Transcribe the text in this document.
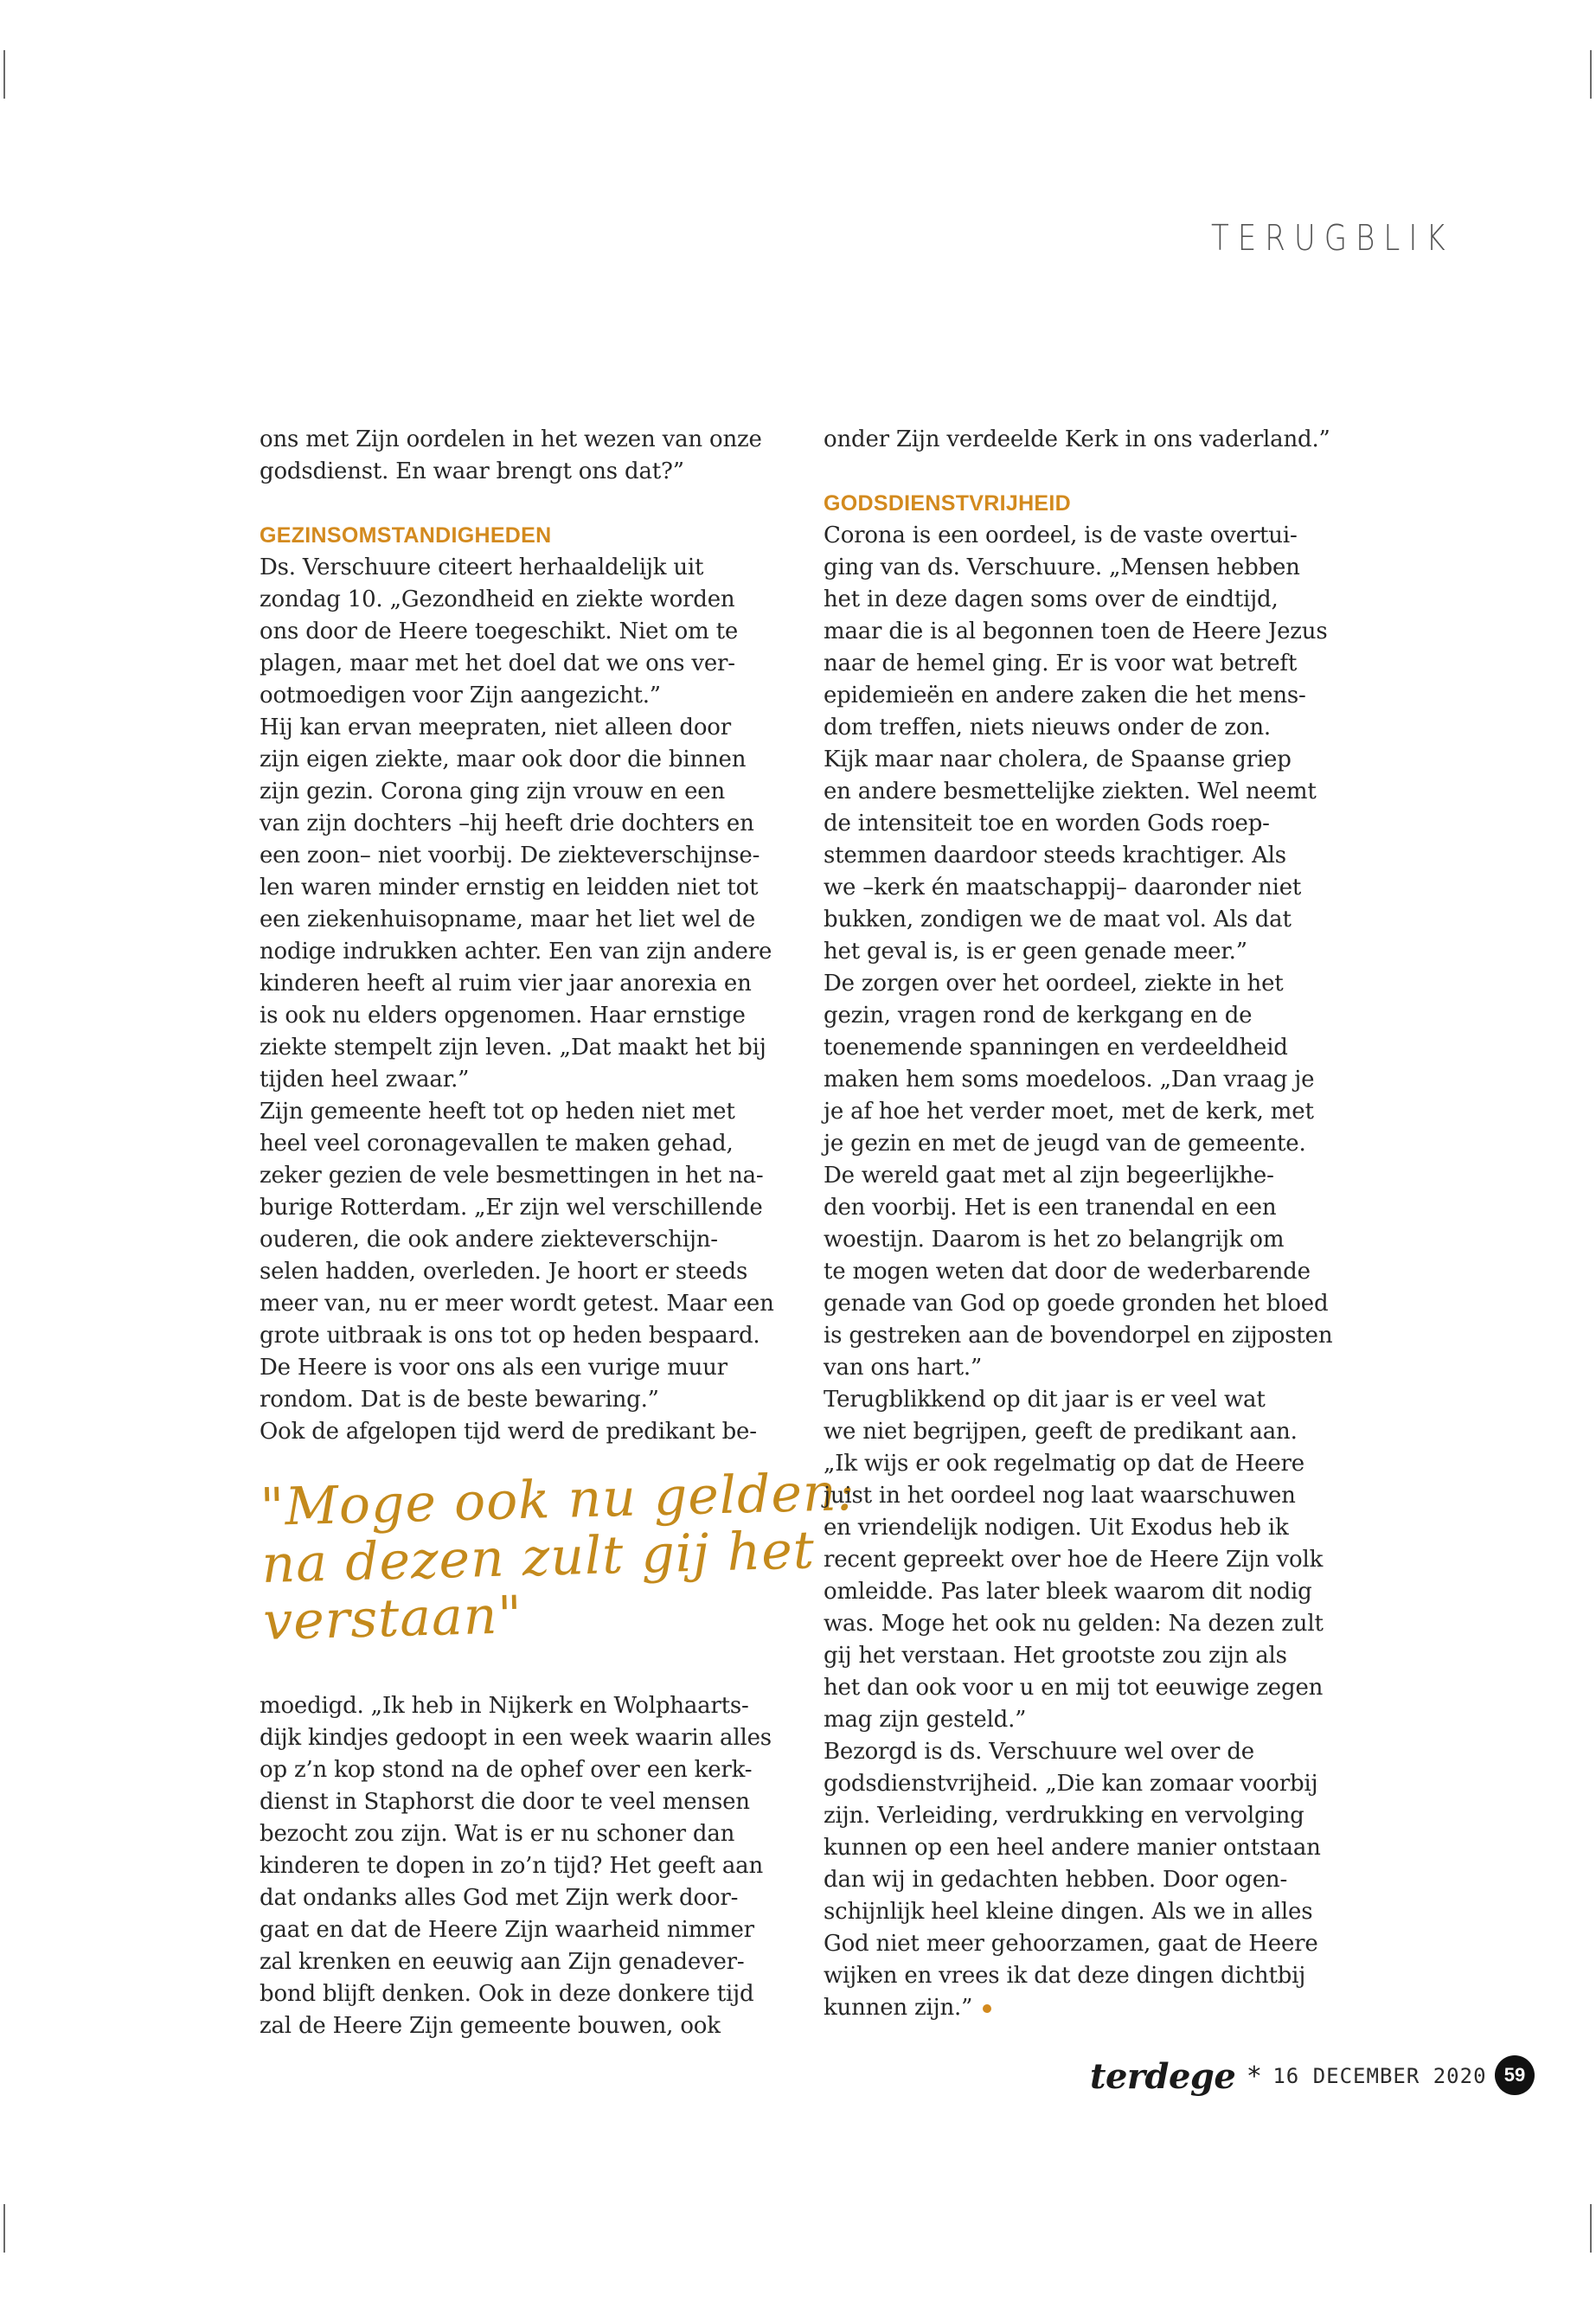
TERUGBLIK

ons met Zijn oordelen in het wezen van onze
godsdienst. En waar brengt ons dat?”

GEZINSOMSTANDIGHEDEN

Ds. Verschuure citeert herhaaldelijk uit
zondag 10. „Gezondheid en ziekte worden
ons door de Heere toegeschikt. Niet om te
plagen, maar met het doel dat we ons ver-
ootmoedigen voor Zijn aangezicht.”
Hij kan ervan meepraten, niet alleen door
zijn eigen ziekte, maar ook door die binnen
zijn gezin. Corona ging zijn vrouw en een
van zijn dochters –hij heeft drie dochters en
een zoon– niet voorbij. De ziekteverschijnse-
len waren minder ernstig en leidden niet tot
een ziekenhuisopname, maar het liet wel de
nodige indrukken achter. Een van zijn andere
kinderen heeft al ruim vier jaar anorexia en
is ook nu elders opgenomen. Haar ernstige
ziekte stempelt zijn leven. „Dat maakt het bij
tijden heel zwaar.”
Zijn gemeente heeft tot op heden niet met
heel veel coronagevallen te maken gehad,
zeker gezien de vele besmettingen in het na-
burige Rotterdam. „Er zijn wel verschillende
ouderen, die ook andere ziekteverschijn-
selen hadden, overleden. Je hoort er steeds
meer van, nu er meer wordt getest. Maar een
grote uitbraak is ons tot op heden bespaard.
De Heere is voor ons als een vurige muur
rondom. Dat is de beste bewaring.”
Ook de afgelopen tijd werd de predikant be-

"Moge ook nu gelden:
na dezen zult gij het
verstaan"

moedigd. „Ik heb in Nijkerk en Wolphaarts-
dijk kindjes gedoopt in een week waarin alles
op z’n kop stond na de ophef over een kerk-
dienst in Staphorst die door te veel mensen
bezocht zou zijn. Wat is er nu schoner dan
kinderen te dopen in zo’n tijd? Het geeft aan
dat ondanks alles God met Zijn werk door-
gaat en dat de Heere Zijn waarheid nimmer
zal krenken en eeuwig aan Zijn genadever-
bond blijft denken. Ook in deze donkere tijd
zal de Heere Zijn gemeente bouwen, ook

onder Zijn verdeelde Kerk in ons vaderland.”

GODSDIENSTVRIJHEID

Corona is een oordeel, is de vaste overtui-
ging van ds. Verschuure. „Mensen hebben
het in deze dagen soms over de eindtijd,
maar die is al begonnen toen de Heere Jezus
naar de hemel ging. Er is voor wat betreft
epidemieën en andere zaken die het mens-
dom treffen, niets nieuws onder de zon.
Kijk maar naar cholera, de Spaanse griep
en andere besmettelijke ziekten. Wel neemt
de intensiteit toe en worden Gods roep-
stemmen daardoor steeds krachtiger. Als
we –kerk én maatschappij– daaronder niet
bukken, zondigen we de maat vol. Als dat
het geval is, is er geen genade meer.”
De zorgen over het oordeel, ziekte in het
gezin, vragen rond de kerkgang en de
toenemende spanningen en verdeeldheid
maken hem soms moedeloos. „Dan vraag je
je af hoe het verder moet, met de kerk, met
je gezin en met de jeugd van de gemeente.
De wereld gaat met al zijn begeerlijkhe-
den voorbij. Het is een tranendal en een
woestijn. Daarom is het zo belangrijk om
te mogen weten dat door de wederbarende
genade van God op goede gronden het bloed
is gestreken aan de bovendorpel en zijposten
van ons hart.”
Terugblikkend op dit jaar is er veel wat
we niet begrijpen, geeft de predikant aan.
„Ik wijs er ook regelmatig op dat de Heere
juist in het oordeel nog laat waarschuwen
en vriendelijk nodigen. Uit Exodus heb ik
recent gepreekt over hoe de Heere Zijn volk
omleidde. Pas later bleek waarom dit nodig
was. Moge het ook nu gelden: Na dezen zult
gij het verstaan. Het grootste zou zijn als
het dan ook voor u en mij tot eeuwige zegen
mag zijn gesteld.”
Bezorgd is ds. Verschuure wel over de
godsdienstvrijheid. „Die kan zomaar voorbij
zijn. Verleiding, verdrukking en vervolging
kunnen op een heel andere manier ontstaan
dan wij in gedachten hebben. Door ogen-
schijnlijk heel kleine dingen. Als we in alles
God niet meer gehoorzamen, gaat de Heere
wijken en vrees ik dat deze dingen dichtbij
kunnen zijn.”

terdege * 16 DECEMBER 2020 59
